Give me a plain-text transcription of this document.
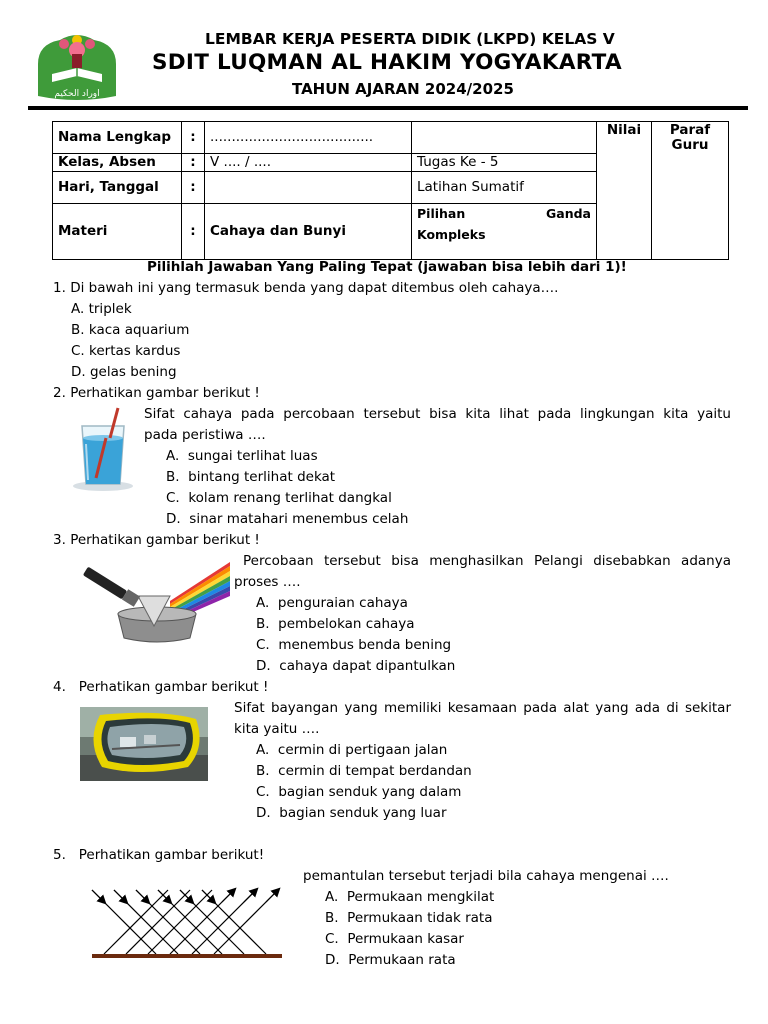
اوراد الحكيم
LEMBAR KERJA PESERTA DIDIK (LKPD) KELAS V
SDIT LUQMAN AL HAKIM YOGYAKARTA
TAHUN AJARAN 2024/2025
Nama Lengkap	:	......................................		Nilai	Paraf Guru
Kelas, Absen	:	V .... / ....	Tugas Ke - 5		
Hari, Tanggal	:		Latihan Sumatif		
Materi	:	Cahaya dan Bunyi	Pilihan Ganda
Kompleks		
Pilihlah Jawaban Yang Paling Tepat (jawaban bisa lebih dari 1)!
1. Di bawah ini yang termasuk benda yang dapat ditembus oleh cahaya….
A. triplek
B. kaca aquarium
C. kertas kardus
D. gelas bening
2. Perhatikan gambar berikut !
Sifat cahaya pada percobaan tersebut bisa kita lihat pada lingkungan kita yaitu
pada peristiwa ….
A. sungai terlihat luas
B. bintang terlihat dekat
C. kolam renang terlihat dangkal
D. sinar matahari menembus celah
3. Perhatikan gambar berikut !
Percobaan tersebut bisa menghasilkan Pelangi disebabkan adanya
proses ….
A. penguraian cahaya
B. pembelokan cahaya
C. menembus benda bening
D. cahaya dapat dipantulkan
4. Perhatikan gambar berikut !
Sifat bayangan yang memiliki kesamaan pada alat yang ada di sekitar
kita yaitu ….
A. cermin di pertigaan jalan
B. cermin di tempat berdandan
C. bagian senduk yang dalam
D. bagian senduk yang luar
5. Perhatikan gambar berikut!
pemantulan tersebut terjadi bila cahaya mengenai ….
A. Permukaan mengkilat
B. Permukaan tidak rata
C. Permukaan kasar
D. Permukaan rata
